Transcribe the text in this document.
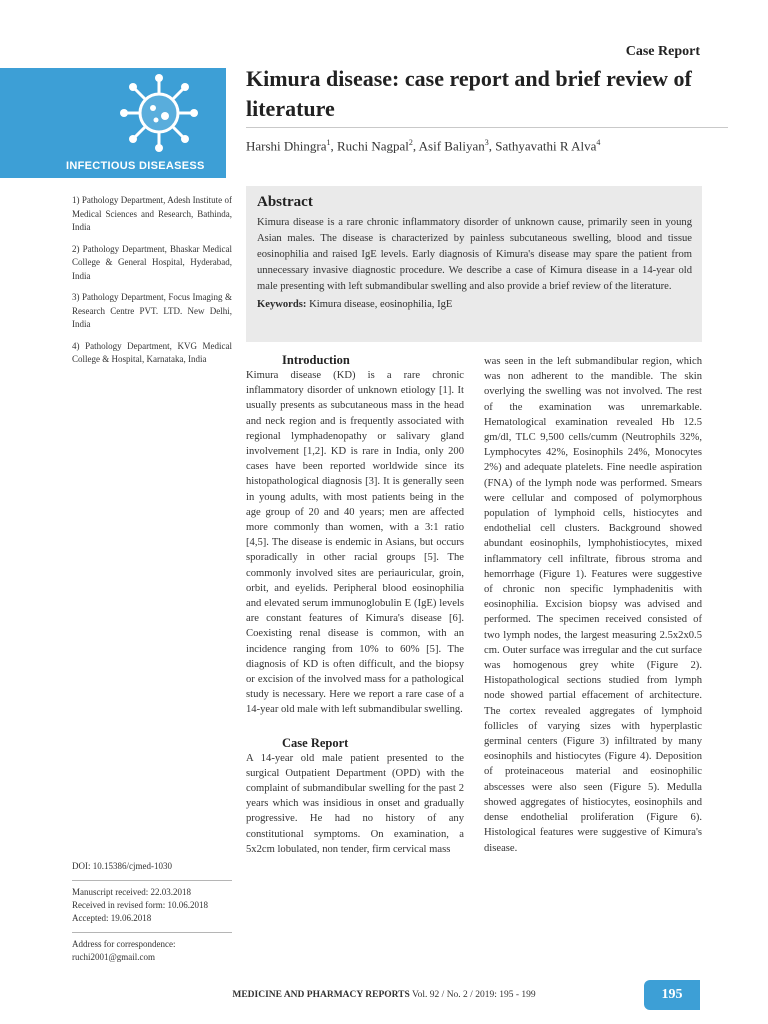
Case Report
Kimura disease: case report and brief review of literature
Harshi Dhingra$^1$, Ruchi Nagpal$^2$, Asif Baliyan$^3$, Sathyavathi R Alva$^4$
INFECTIOUS DISEASESS
1) Pathology Department, Adesh Institute of Medical Sciences and Research, Bathinda, India
2) Pathology Department, Bhaskar Medical College & General Hospital, Hyderabad, India
3) Pathology Department, Focus Imaging & Research Centre PVT. LTD. New Delhi, India
4) Pathology Department, KVG Medical College & Hospital, Karnataka, India
Abstract
Kimura disease is a rare chronic inflammatory disorder of unknown cause, primarily seen in young Asian males. The disease is characterized by painless subcutaneous swelling, blood and tissue eosinophilia and raised IgE levels. Early diagnosis of Kimura's disease may spare the patient from unnecessary invasive diagnostic procedure. We describe a case of Kimura disease in a 14-year old male presenting with left submandibular swelling and also provide a brief review of the literature.
Keywords: Kimura disease, eosinophilia, IgE
Introduction

Kimura disease (KD) is a rare chronic inflammatory disorder of unknown etiology [1]. It usually presents as subcutaneous mass in the head and neck region and is frequently associated with regional lymphadenopathy or salivary gland involvement [1,2]. KD is rare in India, only 200 cases have been reported worldwide since its histopathological diagnosis [3]. It is generally seen in young adults, with most patients being in the age group of 20 and 40 years; men are affected more commonly than women, with a 3:1 ratio [4,5]. The disease is endemic in Asians, but occurs sporadically in other racial groups [5]. The commonly involved sites are periauricular, groin, orbit, and eyelids. Peripheral blood eosinophilia and elevated serum immunoglobulin E (IgE) levels are constant features of Kimura's disease [6]. Coexisting renal disease is common, with an incidence ranging from 10% to 60% [5]. The diagnosis of KD is often difficult, and the biopsy or excision of the involved mass for a pathological study is necessary. Here we report a rare case of a 14-year old male with left submandibular swelling.

Case Report

A 14-year old male patient presented to the surgical Outpatient Department (OPD) with the complaint of submandibular swelling for the past 2 years which was insidious in onset and gradually progressive. He had no history of any constitutional symptoms. On examination, a 5x2cm lobulated, non tender, firm cervical mass

was seen in the left submandibular region, which was non adherent to the mandible. The skin overlying the swelling was not involved. The rest of the examination was unremarkable. Hematological examination revealed Hb 12.5 gm/dl, TLC 9,500 cells/cumm (Neutrophils 32%, Lymphocytes 42%, Eosinophils 24%, Monocytes 2%) and adequate platelets. Fine needle aspiration (FNA) of the lymph node was performed. Smears were cellular and composed of polymorphous population of lymphoid cells, histiocytes and endothelial cell clusters. Background showed abundant eosinophils, lymphohistiocytes, mixed inflammatory cell infiltrate, fibrous stroma and hemorrhage (Figure 1). Features were suggestive of chronic non specific lymphadenitis with eosinophilia. Excision biopsy was advised and performed. The specimen received consisted of two lymph nodes, the largest measuring 2.5x2x0.5 cm. Outer surface was irregular and the cut surface was homogenous grey white (Figure 2). Histopathological sections studied from lymph node showed partial effacement of architecture. The cortex revealed aggregates of lymphoid follicles of varying sizes with hyperplastic germinal centers (Figure 3) infiltrated by many eosinophils and histiocytes (Figure 4). Deposition of proteinaceous material and eosinophilic abscesses were also seen (Figure 5). Medulla showed aggregates of histiocytes, eosinophils and dense endothelial proliferation (Figure 6). Histological features were suggestive of Kimura's disease.

DOI: 10.15386/cjmed-1030
Manuscript received: 22.03.2018
Received in revised form: 10.06.2018
Accepted: 19.06.2018
Address for correspondence:
ruchi2001@gmail.com
MEDICINE AND PHARMACY REPORTS Vol. 92 / No. 2 / 2019: 195 - 199	195
